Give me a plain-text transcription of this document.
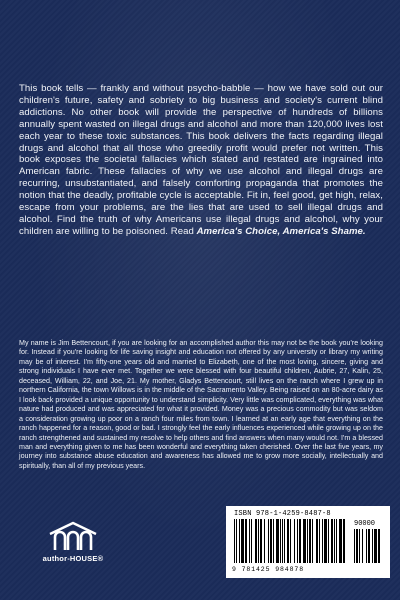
This book tells — frankly and without psycho-babble — how we have sold out our children's future, safety and sobriety to big business and society's current blind addictions. No other book will provide the perspective of hundreds of billions annually spent wasted on illegal drugs and alcohol and more than 120,000 lives lost each year to these toxic substances. This book delivers the facts regarding illegal drugs and alcohol that all those who greedily profit would prefer not written. This book exposes the societal fallacies which stated and restated are ingrained into American fabric. These fallacies of why we use alcohol and illegal drugs are recurring, unsubstantiated, and falsely comforting propaganda that promotes the notion that the deadly, profitable cycle is acceptable. Fit in, feel good, get high, relax, escape from your problems, are the lies that are used to sell illegal drugs and alcohol. Find the truth of why Americans use illegal drugs and alcohol, why your children are willing to be poisoned. Read America's Choice, America's Shame.

My name is Jim Bettencourt, if you are looking for an accomplished author this may not be the book you're looking for. Instead if you're looking for life saving insight and education not offered by any university or library my writing may be of interest. I'm fifty-one years old and married to Elizabeth, one of the most loving, sincere, giving and strong individuals I have ever met. Together we were blessed with four beautiful children, Aubrie, 27, Kalin, 25, deceased, William, 22, and Joe, 21. My mother, Gladys Bettencourt, still lives on the ranch where I grew up in northern California, the town Willows is in the middle of the Sacramento Valley. Being raised on an 80-acre dairy as I look back provided a unique opportunity to understand simplicity. Very little was complicated, everything was what nature had produced and was appreciated for what it provided. Money was a precious commodity but was seldom a consideration growing up poor on a ranch four miles from town. I learned at an early age that everything on the ranch happened for a reason, good or bad. I strongly feel the early influences experienced while growing up on the ranch strengthened and sustained my resolve to help others and find answers when many would not. I'm a blessed man and everything given to me has been wonderful and everything taken cherished. Over the last five years, my journey into substance abuse education and awareness has allowed me to grow more socially, intellectually and spiritually, than all of my previous years.

author-HOUSE®
ISBN 978-1-4259-8487-8
90000
9 781425 984878
